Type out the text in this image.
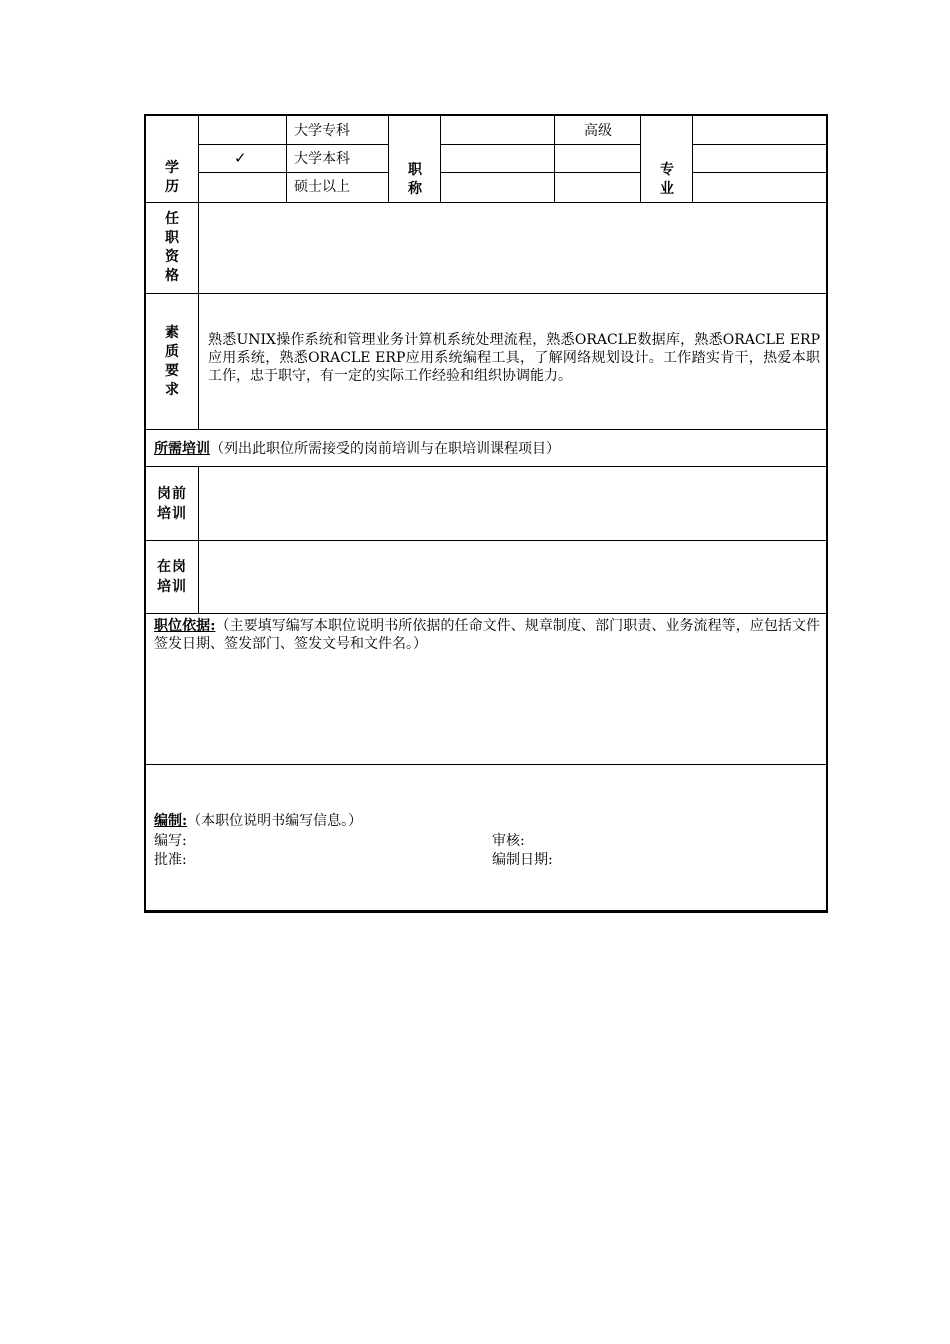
学历
✓
大学专科
大学本科
硕士以上
职称
高级
专业
任职资格
素质要求
熟悉UNIX操作系统和管理业务计算机系统处理流程，熟悉ORACLE数据库，熟悉ORACLE ERP应用系统，熟悉ORACLE ERP应用系统编程工具，了解网络规划设计。工作踏实肯干，热爱本职工作，忠于职守，有一定的实际工作经验和组织协调能力。
所需培训（列出此职位所需接受的岗前培训与在职培训课程项目）
岗前培训
在岗培训
职位依据:（主要填写编写本职位说明书所依据的任命文件、规章制度、部门职责、业务流程等，应包括文件签发日期、签发部门、签发文号和文件名。）
编制:（本职位说明书编写信息。）
编写:	审核:
批准:	编制日期:
